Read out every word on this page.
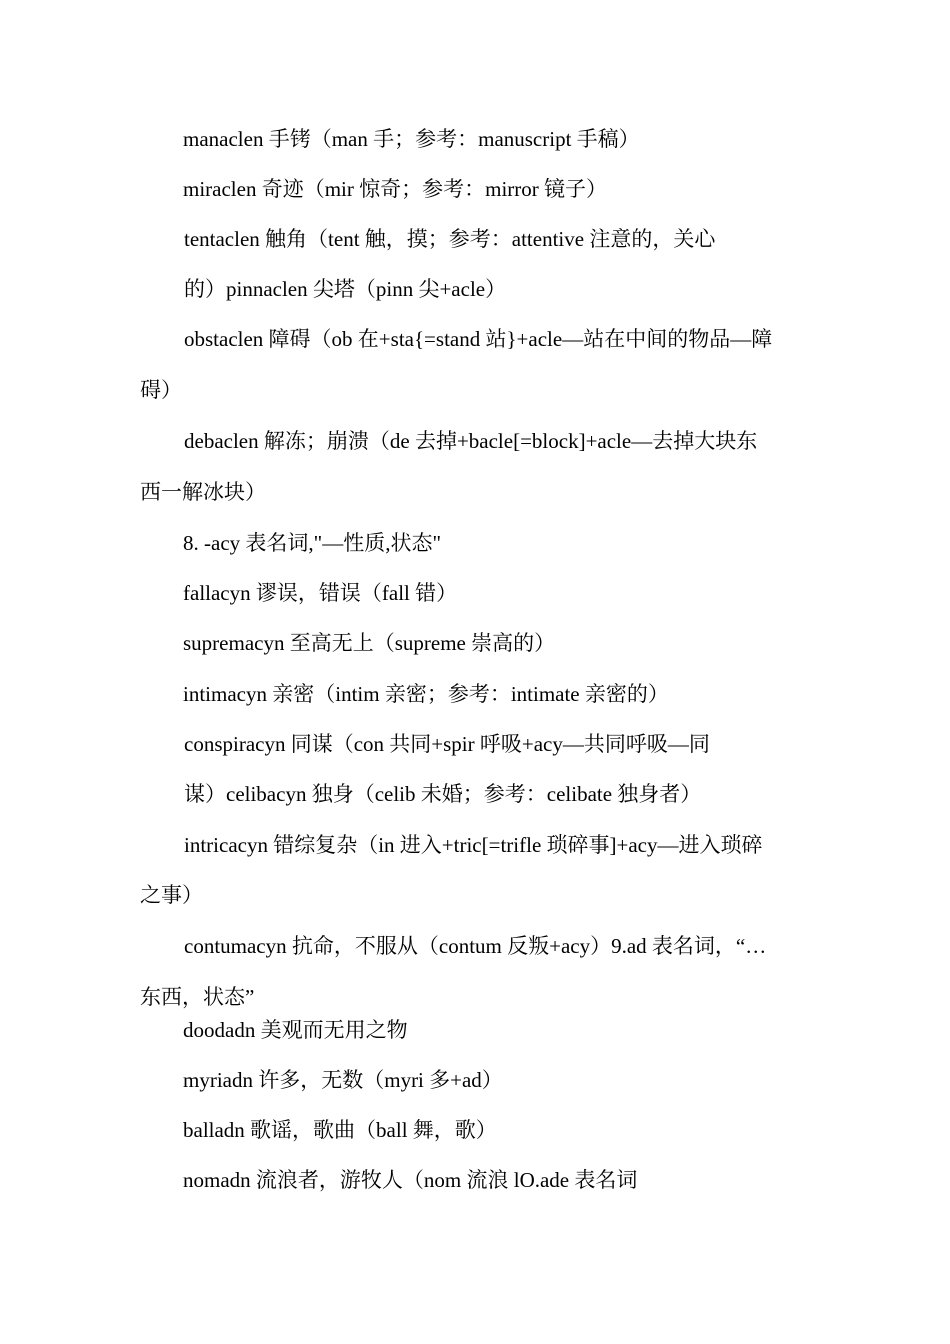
manaclen 手铐（man 手；参考：manuscript 手稿）
miraclen 奇迹（mir 惊奇；参考：mirror 镜子）
tentaclen 触角（tent 触，摸；参考：attentive 注意的，关心
的）pinnaclen 尖塔（pinn 尖+acle）
obstaclen 障碍（ob 在+sta{=stand 站}+acle—站在中间的物品—障
碍）
debaclen 解冻；崩溃（de 去掉+bacle[=block]+acle—去掉大块东
西一解冰块）
8. -acy 表名词,"—性质,状态"
fallacyn 谬误，错误（fall 错）
supremacyn 至高无上（supreme 崇高的）
intimacyn 亲密（intim 亲密；参考：intimate 亲密的）
conspiracyn 同谋（con 共同+spir 呼吸+acy—共同呼吸—同
谋）celibacyn 独身（celib 未婚；参考：celibate 独身者）
intricacyn 错综复杂（in 进入+tric[=trifle 琐碎事]+acy—进入琐碎
之事）
contumacyn 抗命，不服从（contum 反叛+acy）9.ad 表名词，“…
东西，状态”
doodadn 美观而无用之物
myriadn 许多，无数（myri 多+ad）
balladn 歌谣，歌曲（ball 舞，歌）
nomadn 流浪者，游牧人（nom 流浪 lO.ade 表名词
